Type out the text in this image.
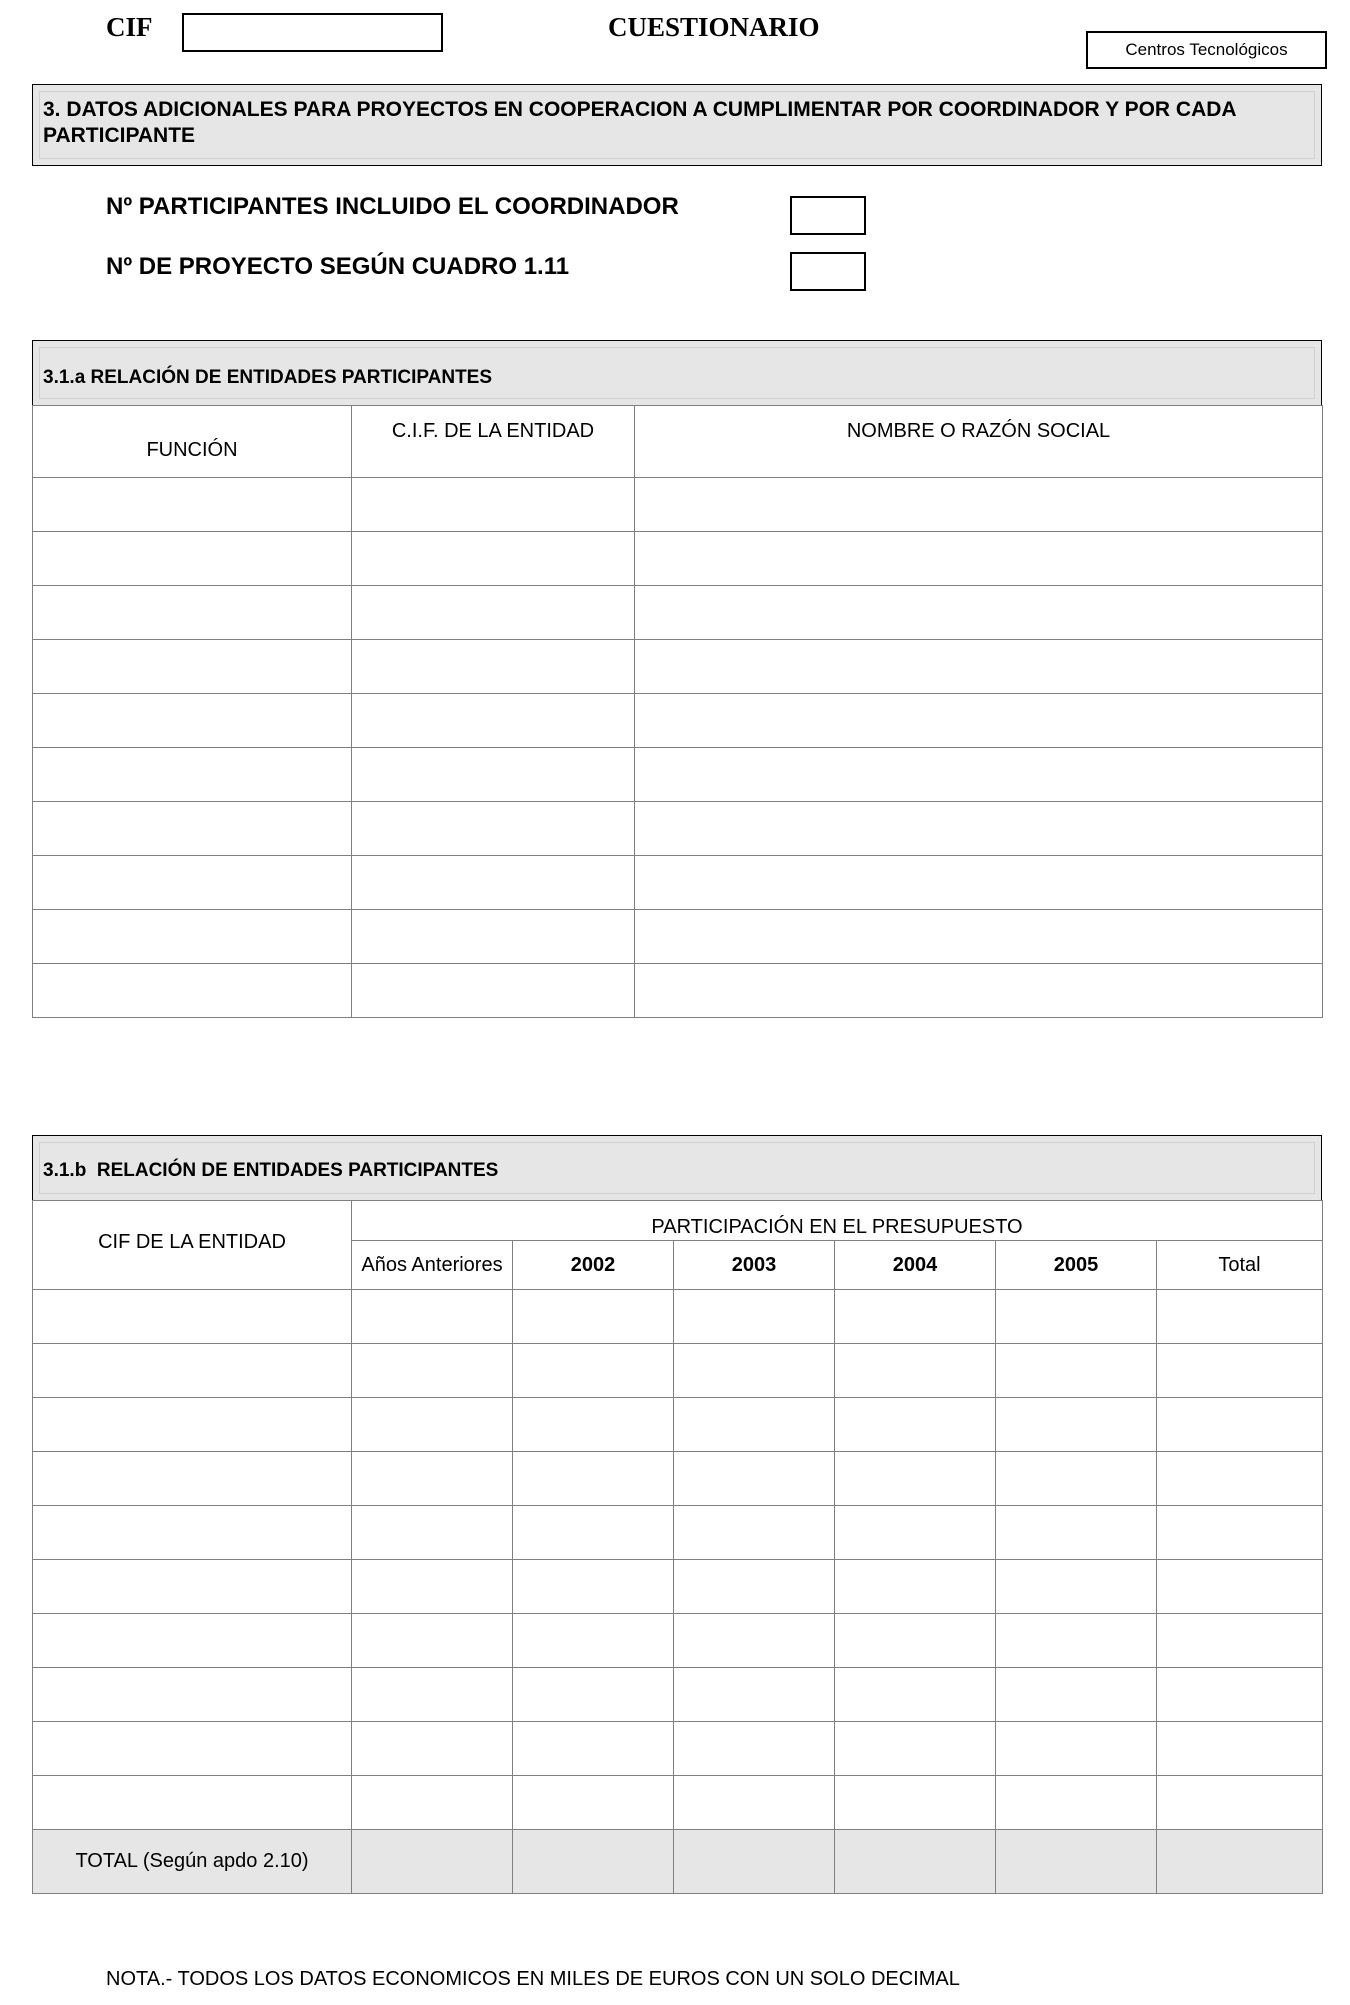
CIF	CUESTIONARIO
Centros Tecnológicos
3. DATOS ADICIONALES PARA PROYECTOS EN COOPERACION A CUMPLIMENTAR POR COORDINADOR Y POR CADA PARTICIPANTE
Nº PARTICIPANTES INCLUIDO EL COORDINADOR
Nº DE PROYECTO SEGÚN CUADRO 1.11
3.1.a RELACIÓN DE ENTIDADES PARTICIPANTES
FUNCIÓN	C.I.F. DE LA ENTIDAD	NOMBRE O RAZÓN SOCIAL

3.1.b  RELACIÓN DE ENTIDADES PARTICIPANTES
CIF DE LA ENTIDAD	PARTICIPACIÓN EN EL PRESUPUESTO					
	Años Anteriores	2002	2003	2004	2005	Total

TOTAL (Según apdo 2.10)						
NOTA.- TODOS LOS DATOS ECONOMICOS EN MILES DE EUROS CON UN SOLO DECIMAL
